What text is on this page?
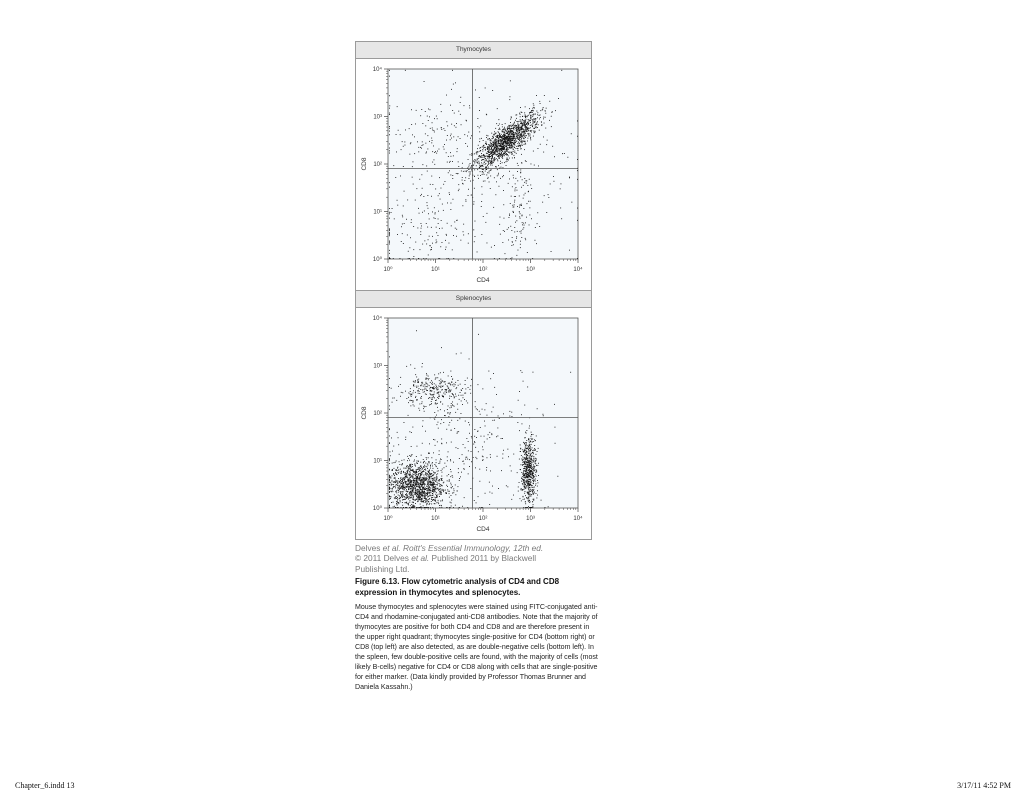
Thymocytes
10⁰
10⁰
10¹
10¹
10²
10²
10³
10³
10⁴
10⁴
CD4
CD8
Splenocytes
10⁰
10⁰
10¹
10¹
10²
10²
10³
10³
10⁴
10⁴
CD4
CD8
Delves et al. Roitt's Essential Immunology, 12th ed.
© 2011 Delves et al. Published 2011 by Blackwell
Publishing Ltd.
Figure 6.13. Flow cytometric analysis of CD4 and CD8 expression in thymocytes and splenocytes.
Mouse thymocytes and splenocytes were stained using FITC-conjugated anti-CD4 and rhodamine-conjugated anti-CD8 antibodies. Note that the majority of thymocytes are positive for both CD4 and CD8 and are therefore present in the upper right quadrant; thymocytes single-positive for CD4 (bottom right) or CD8 (top left) are also detected, as are double-negative cells (bottom left). In the spleen, few double-positive cells are found, with the majority of cells (most likely B-cells) negative for CD4 or CD8 along with cells that are single-positive for either marker. (Data kindly provided by Professor Thomas Brunner and Daniela Kassahn.)
Chapter_6.indd 13	3/17/11 4:52 PM
